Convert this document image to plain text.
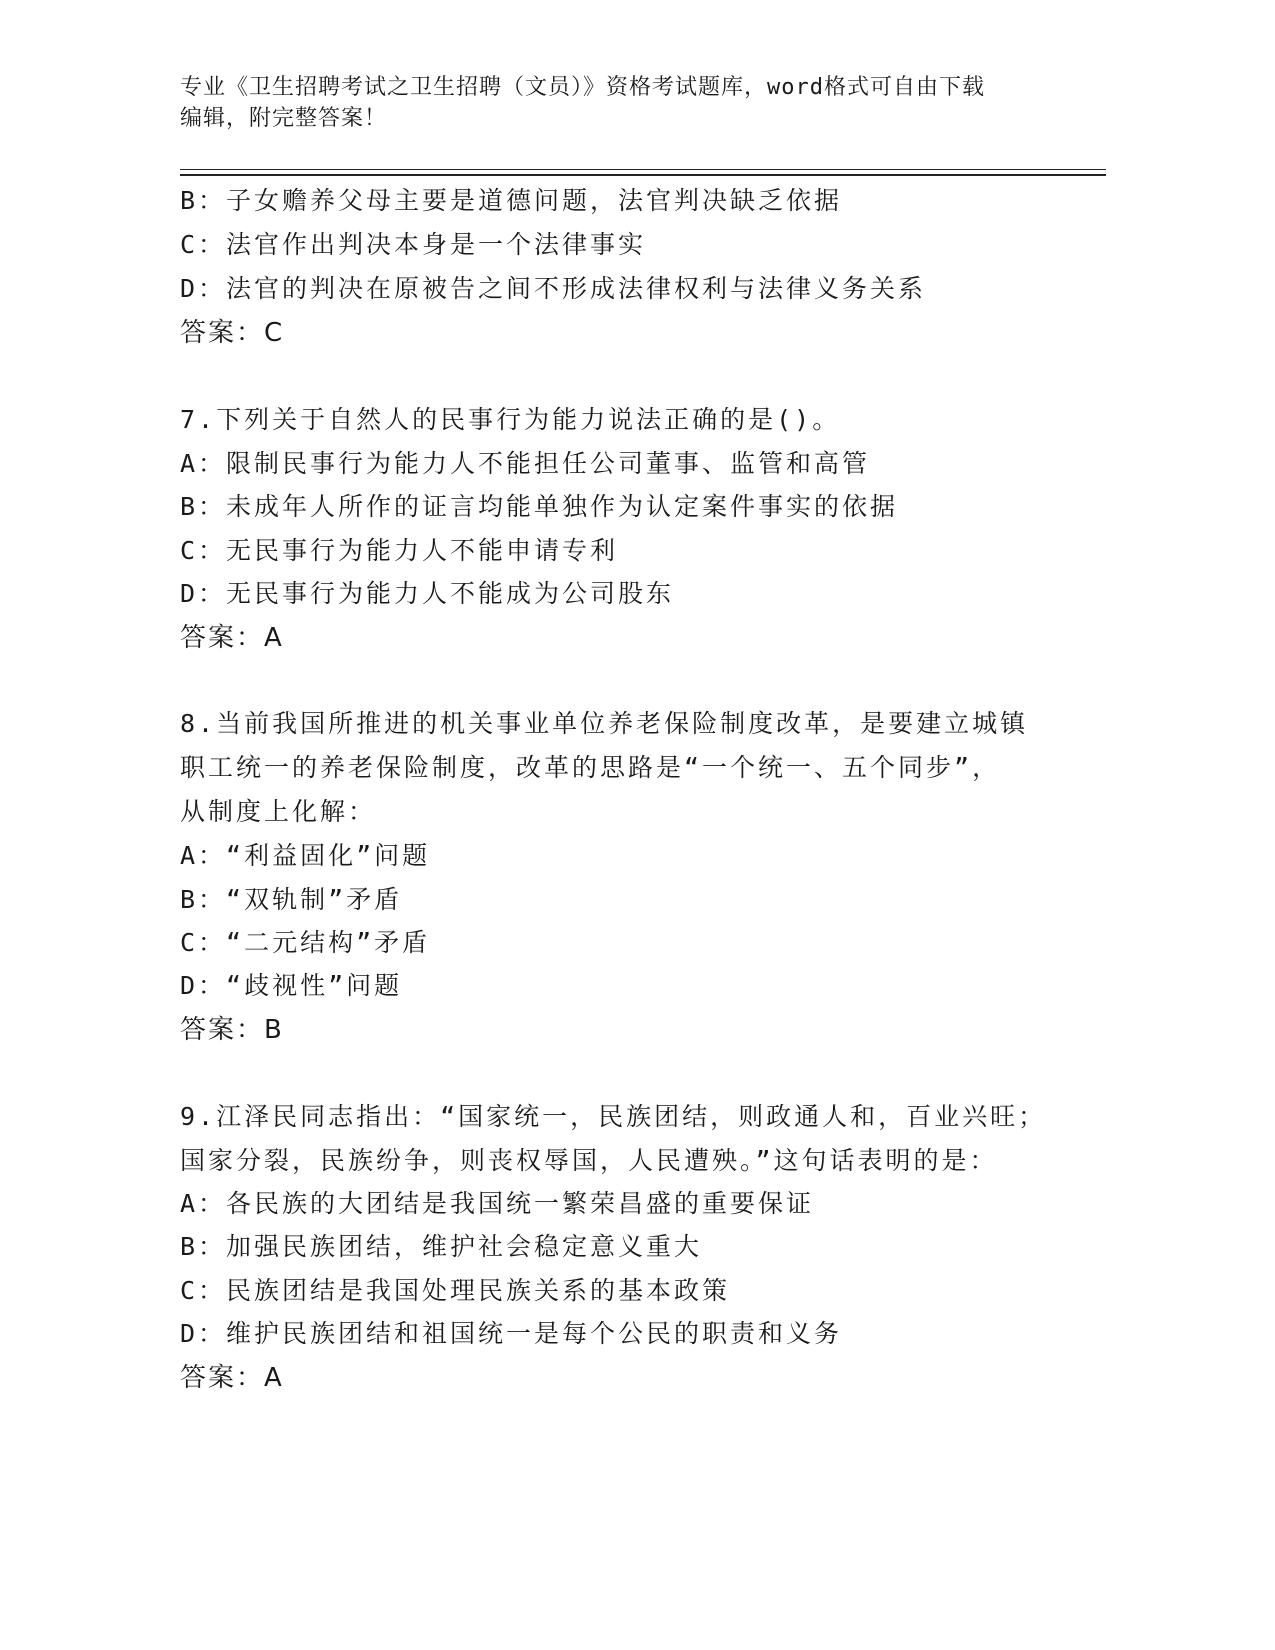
专业《卫生招聘考试之卫生招聘（文员）》资格考试题库，word格式可自由下载
编辑，附完整答案！
B：子女赡养父母主要是道德问题，法官判决缺乏依据
C：法官作出判决本身是一个法律事实
D：法官的判决在原被告之间不形成法律权利与法律义务关系
答案：C
7.下列关于自然人的民事行为能力说法正确的是()。
A：限制民事行为能力人不能担任公司董事、监管和高管
B：未成年人所作的证言均能单独作为认定案件事实的依据
C：无民事行为能力人不能申请专利
D：无民事行为能力人不能成为公司股东
答案：A
8.当前我国所推进的机关事业单位养老保险制度改革，是要建立城镇
职工统一的养老保险制度，改革的思路是“一个统一、五个同步”，
从制度上化解：
A：“利益固化”问题
B：“双轨制”矛盾
C：“二元结构”矛盾
D：“歧视性”问题
答案：B
9.江泽民同志指出：“国家统一，民族团结，则政通人和，百业兴旺；
国家分裂，民族纷争，则丧权辱国，人民遭殃。”这句话表明的是：
A：各民族的大团结是我国统一繁荣昌盛的重要保证
B：加强民族团结，维护社会稳定意义重大
C：民族团结是我国处理民族关系的基本政策
D：维护民族团结和祖国统一是每个公民的职责和义务
答案：A
